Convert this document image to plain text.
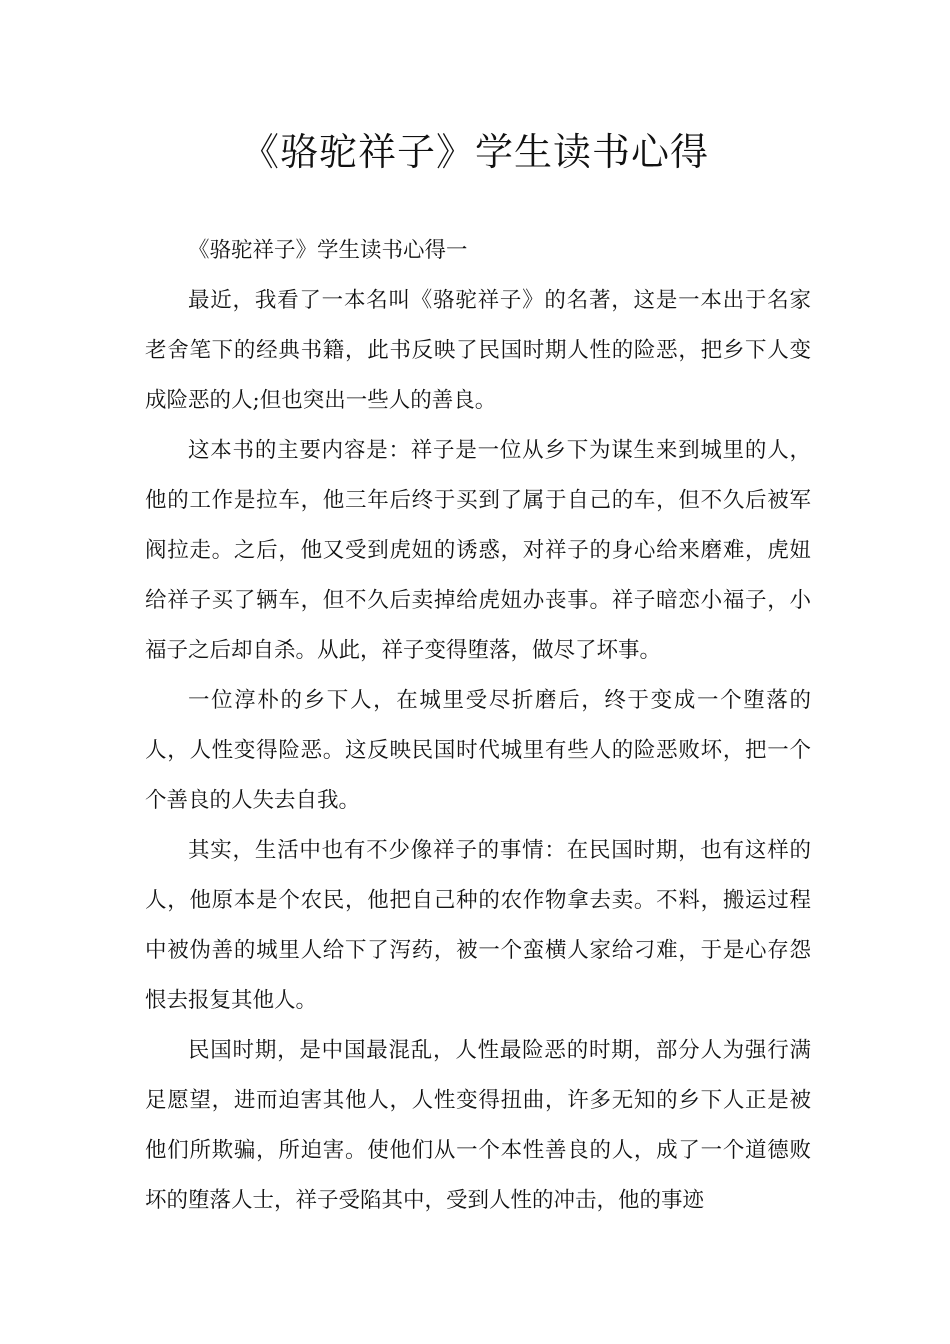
《骆驼祥子》学生读书心得

《骆驼祥子》学生读书心得一

最近，我看了一本名叫《骆驼祥子》的名著，这是一本出于名家老舍笔下的经典书籍，此书反映了民国时期人性的险恶，把乡下人变成险恶的人;但也突出一些人的善良。

这本书的主要内容是：祥子是一位从乡下为谋生来到城里的人，他的工作是拉车，他三年后终于买到了属于自己的车，但不久后被军阀拉走。之后，他又受到虎妞的诱惑，对祥子的身心给来磨难，虎妞给祥子买了辆车，但不久后卖掉给虎妞办丧事。祥子暗恋小福子，小福子之后却自杀。从此，祥子变得堕落，做尽了坏事。

一位淳朴的乡下人，在城里受尽折磨后，终于变成一个堕落的人，人性变得险恶。这反映民国时代城里有些人的险恶败坏，把一个个善良的人失去自我。

其实，生活中也有不少像祥子的事情：在民国时期，也有这样的人，他原本是个农民，他把自己种的农作物拿去卖。不料，搬运过程中被伪善的城里人给下了泻药，被一个蛮横人家给刁难，于是心存怨恨去报复其他人。

民国时期，是中国最混乱，人性最险恶的时期，部分人为强行满足愿望，进而迫害其他人，人性变得扭曲，许多无知的乡下人正是被他们所欺骗，所迫害。使他们从一个本性善良的人，成了一个道德败坏的堕落人士，祥子受陷其中，受到人性的冲击，他的事迹
